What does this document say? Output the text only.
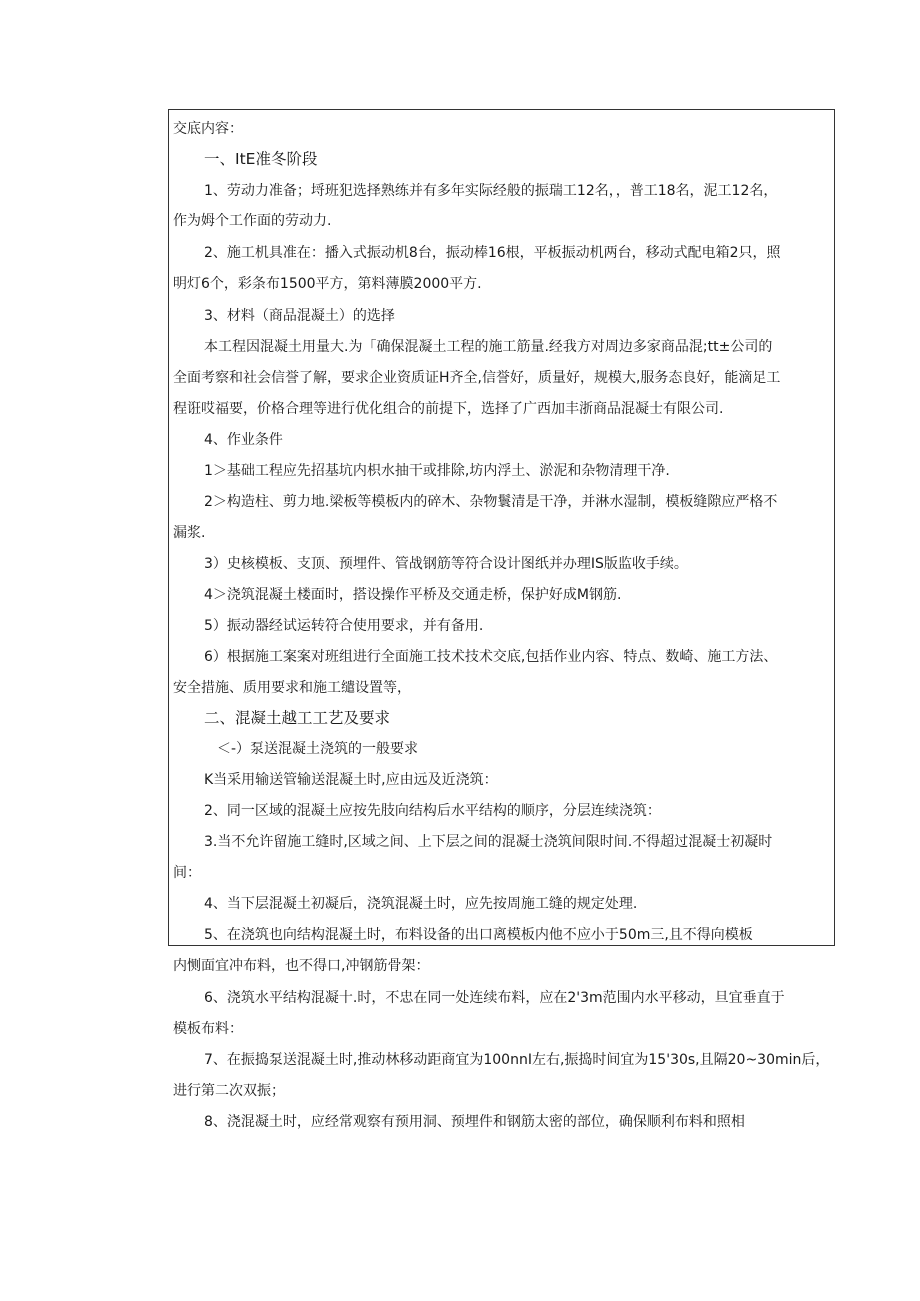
交底内容：
一、ItE准冬阶段
1、劳动力准备；埒班犯选择熟练并有多年实际经般的振瑞工12名，，普工18名，泥工12名，
作为姆个工作面的劳动力.
2、施工机具准在：播入式振动机8台，振动棒16根，平板振动机两台，移动式配电箱2只，照
明灯6个，彩条布1500平方，第料薄膜2000平方.
3、材料（商品混凝土）的选择
本工程因混凝土用量大.为「确保混凝土工程的施工筋量.经我方对周边多家商品混;tt±公司的
全面考察和社会信誉了解，要求企业资质证H齐全,信誉好，质量好，规模大,服务态良好，能滴足工
程诳哎福要，价格合理等进行优化组合的前提下，选择了广西加丰浙商品混凝士有限公司.
4、作业条件
1＞基础工程应先招基坑内枳水抽干或排除,坊内浮土、淤泥和杂物清理干净.
2＞构造柱、剪力地.梁板等模板内的碎木、杂物鬟清是干净，并淋水湿制，模板缝隙应严格不
漏浆.
3）史核模板、支顶、预埋件、管战钢筋等符合设计图纸并办理IS版监收手续。
4＞浇筑混凝土楼面时，搭设操作平桥及交通走桥，保护好成M钢筋.
5）振动器经试运转符合使用要求，并有备用.
6）根据施工案案对班组进行全面施工技术技术交底,包括作业内容、特点、数崎、施工方法、
安全措施、质用要求和施工缱设置等，
二、混凝土越工工艺及要求
＜-）泵送混凝土浇筑的一般要求
K当采用输送管输送混凝土时,应由远及近浇筑：
2、同一区域的混凝土应按先肢向结构后水平结构的顺序，分层连续浇筑：
3.当不允许留施工缝时,区域之间、上下层之间的混凝士浇筑间限时间.不得超过混凝士初凝时
间：
4、当下层混凝土初凝后，浇筑混凝土时，应先按周施工缝的规定处理.
5、在浇筑也向结构混凝土时，布料设备的出口离模板内他不应小于50m三,且不得向模板
内恻面宜冲布料，也不得口,冲钢筋骨架：
6、浇筑水平结构混凝十.时，不忠在同一处连续布料，应在2'3m范围内水平移动，旦宜垂直于
模板布料：
7、在振捣泵送混凝土时,推动林移动距商宜为100nnI左右,振捣时间宜为15'30s,且隔20~30min后，
进行第二次双振；
8、浇混凝土时，应经常观察有预用洞、预埋件和钢筋太密的部位，确保顺利布料和照相
